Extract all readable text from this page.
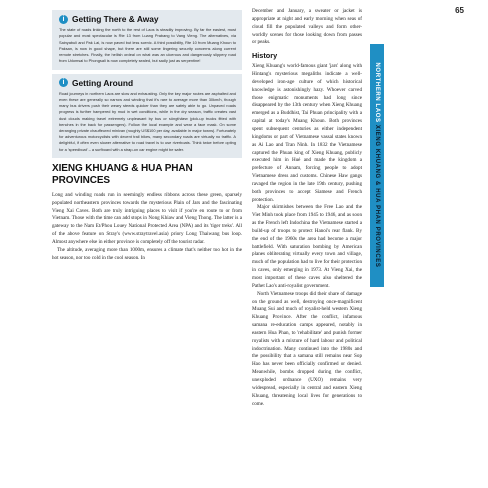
65
i Getting There & Away

The state of roads linking the north to the rest of Laos is steadily improving. By far the easiest, most popular and most spectacular is Rte 13 from Luang Prabang to Vang Vieng. The alternatives, via Sainyabuli and Pak Lai, is now paved but less scenic. A third possibility, Rte 10 from Muang Khoun to Paksan, is now in good shape, but there are still some lingering security concerns along current remote stretches. Finally, the hellish ordeal on what was an ulcerous and dangerously slippery road from Udomsai to Phongsali is now completely sealed, but sadly just as serpentine!

i Getting Around

Road journeys in northern Laos are slow and exhausting. Only the key major routes are asphalted and even these are generally so narrow and winding that it's rare to average more than 30km/h, though many bus drivers push their weary steeds quicker than they are safely able to go. Unpaved roads progress is further hampered by mud in wet conditions, while in the dry season, traffic creates vast dust clouds making travel extremely unpleasant by bus or sǒngthǎew (pick-up trucks fitted with benches in the back for passengers). Follow the local example and wear a face mask. On some deranging private chauffeured minivan (roughly US$100 per day, available in major towns). Fortunately for adventurous motorcyclists with decent trail bikes, many secondary roads are virtually no traffic. A delightful, if often even slower alternative to road travel is to use riverboats. Think twice before opting for a 'speedboat' – a surfboard with a strap-on car engine might be safer.

XIENG KHUANG & HUA PHAN PROVINCES

Long and winding roads run in seemingly endless ribbons across these green, sparsely populated northeastern provinces towards the mysterious Plain of Jars and the fascinating Vieng Xai Caves. Both are truly intriguing places to visit if you're en route to or from Vietnam. Those with the time can add stops in Nong Khiaw and Vieng Thong. The latter is a gateway to the Nam Et/Phou Louey National Protected Area (NPA) and its 'tiger treks'. All of the above feature on Stray's (www.straytravel.asia) priory Long Thaiwang bus loop. Almost anywhere else in either province is completely off the tourist radar.

The altitude, averaging more than 1000m, ensures a climate that's neither too hot in the hot season, nor too cold in the cool season. In

December and January, a sweater or jacket is appropriate at night and early morning when seas of cloud fill the populated valleys and form other-worldly scenes for those looking down from passes or peaks.

History

Xieng Khuang's world-famous giant 'jars' along with Hintang's mysterious megaliths indicate a well-developed iron-age culture of which historical knowledge is astonishingly hazy. Whoever carved those enigmatic monuments had long since disappeared by the 13th century when Xieng Khuang emerged as a Buddhist, Tai Phuan principality with a capital at today's Muang Khoun. Both provinces spent subsequent centuries as either independent kingdoms or part of Vietnamese vassal states known as Ai Lao and Tran Ninh. In 1832 the Vietnamese captured the Phuan king of Xieng Khuang, publicly executed him in Hué and made the kingdom a prefecture of Annam, forcing people to adopt Vietnamese dress and customs. Chinese Haw gangs ravaged the region in the late 19th century, pushing both provinces to accept Siamese and French protection.

Major skirmishes between the Free Lao and the Viet Minh took place from 1945 to 1946, and as soon as the French left Indochina the Vietnamese started a build-up of troops to protect Hanoi's rear flank. By the end of the 1960s the area had become a major battlefield. With saturation bombing by American planes obliterating virtually every town and village, much of the population had to live for their protection in caves, only emerging in 1973. At Vieng Xai, the most important of these caves also sheltered the Pathet Lao's anti-royalist government.

North Vietnamese troops did their share of damage on the ground as well, destroying once-magnificent Muang Sui and much of royalist-held western Xieng Khuang Province. After the conflict, infamous samana re-education camps appeared, notably in eastern Hua Phan, to 'rehabilitate' and punish former royalists with a mixture of hard labour and political indoctrination. Many continued into the 1980s and the possibility that a samana still remains near Sop Hao has never been officially confirmed or denied. Meanwhile, bombs dropped during the conflict, unexploded ordnance (UXO) remains very widespread, especially in central and eastern Xieng Khuang, threatening local lives for generations to come.

NORTHERN LAOS XIENG KHUANG & HUA PHAN PROVINCES
